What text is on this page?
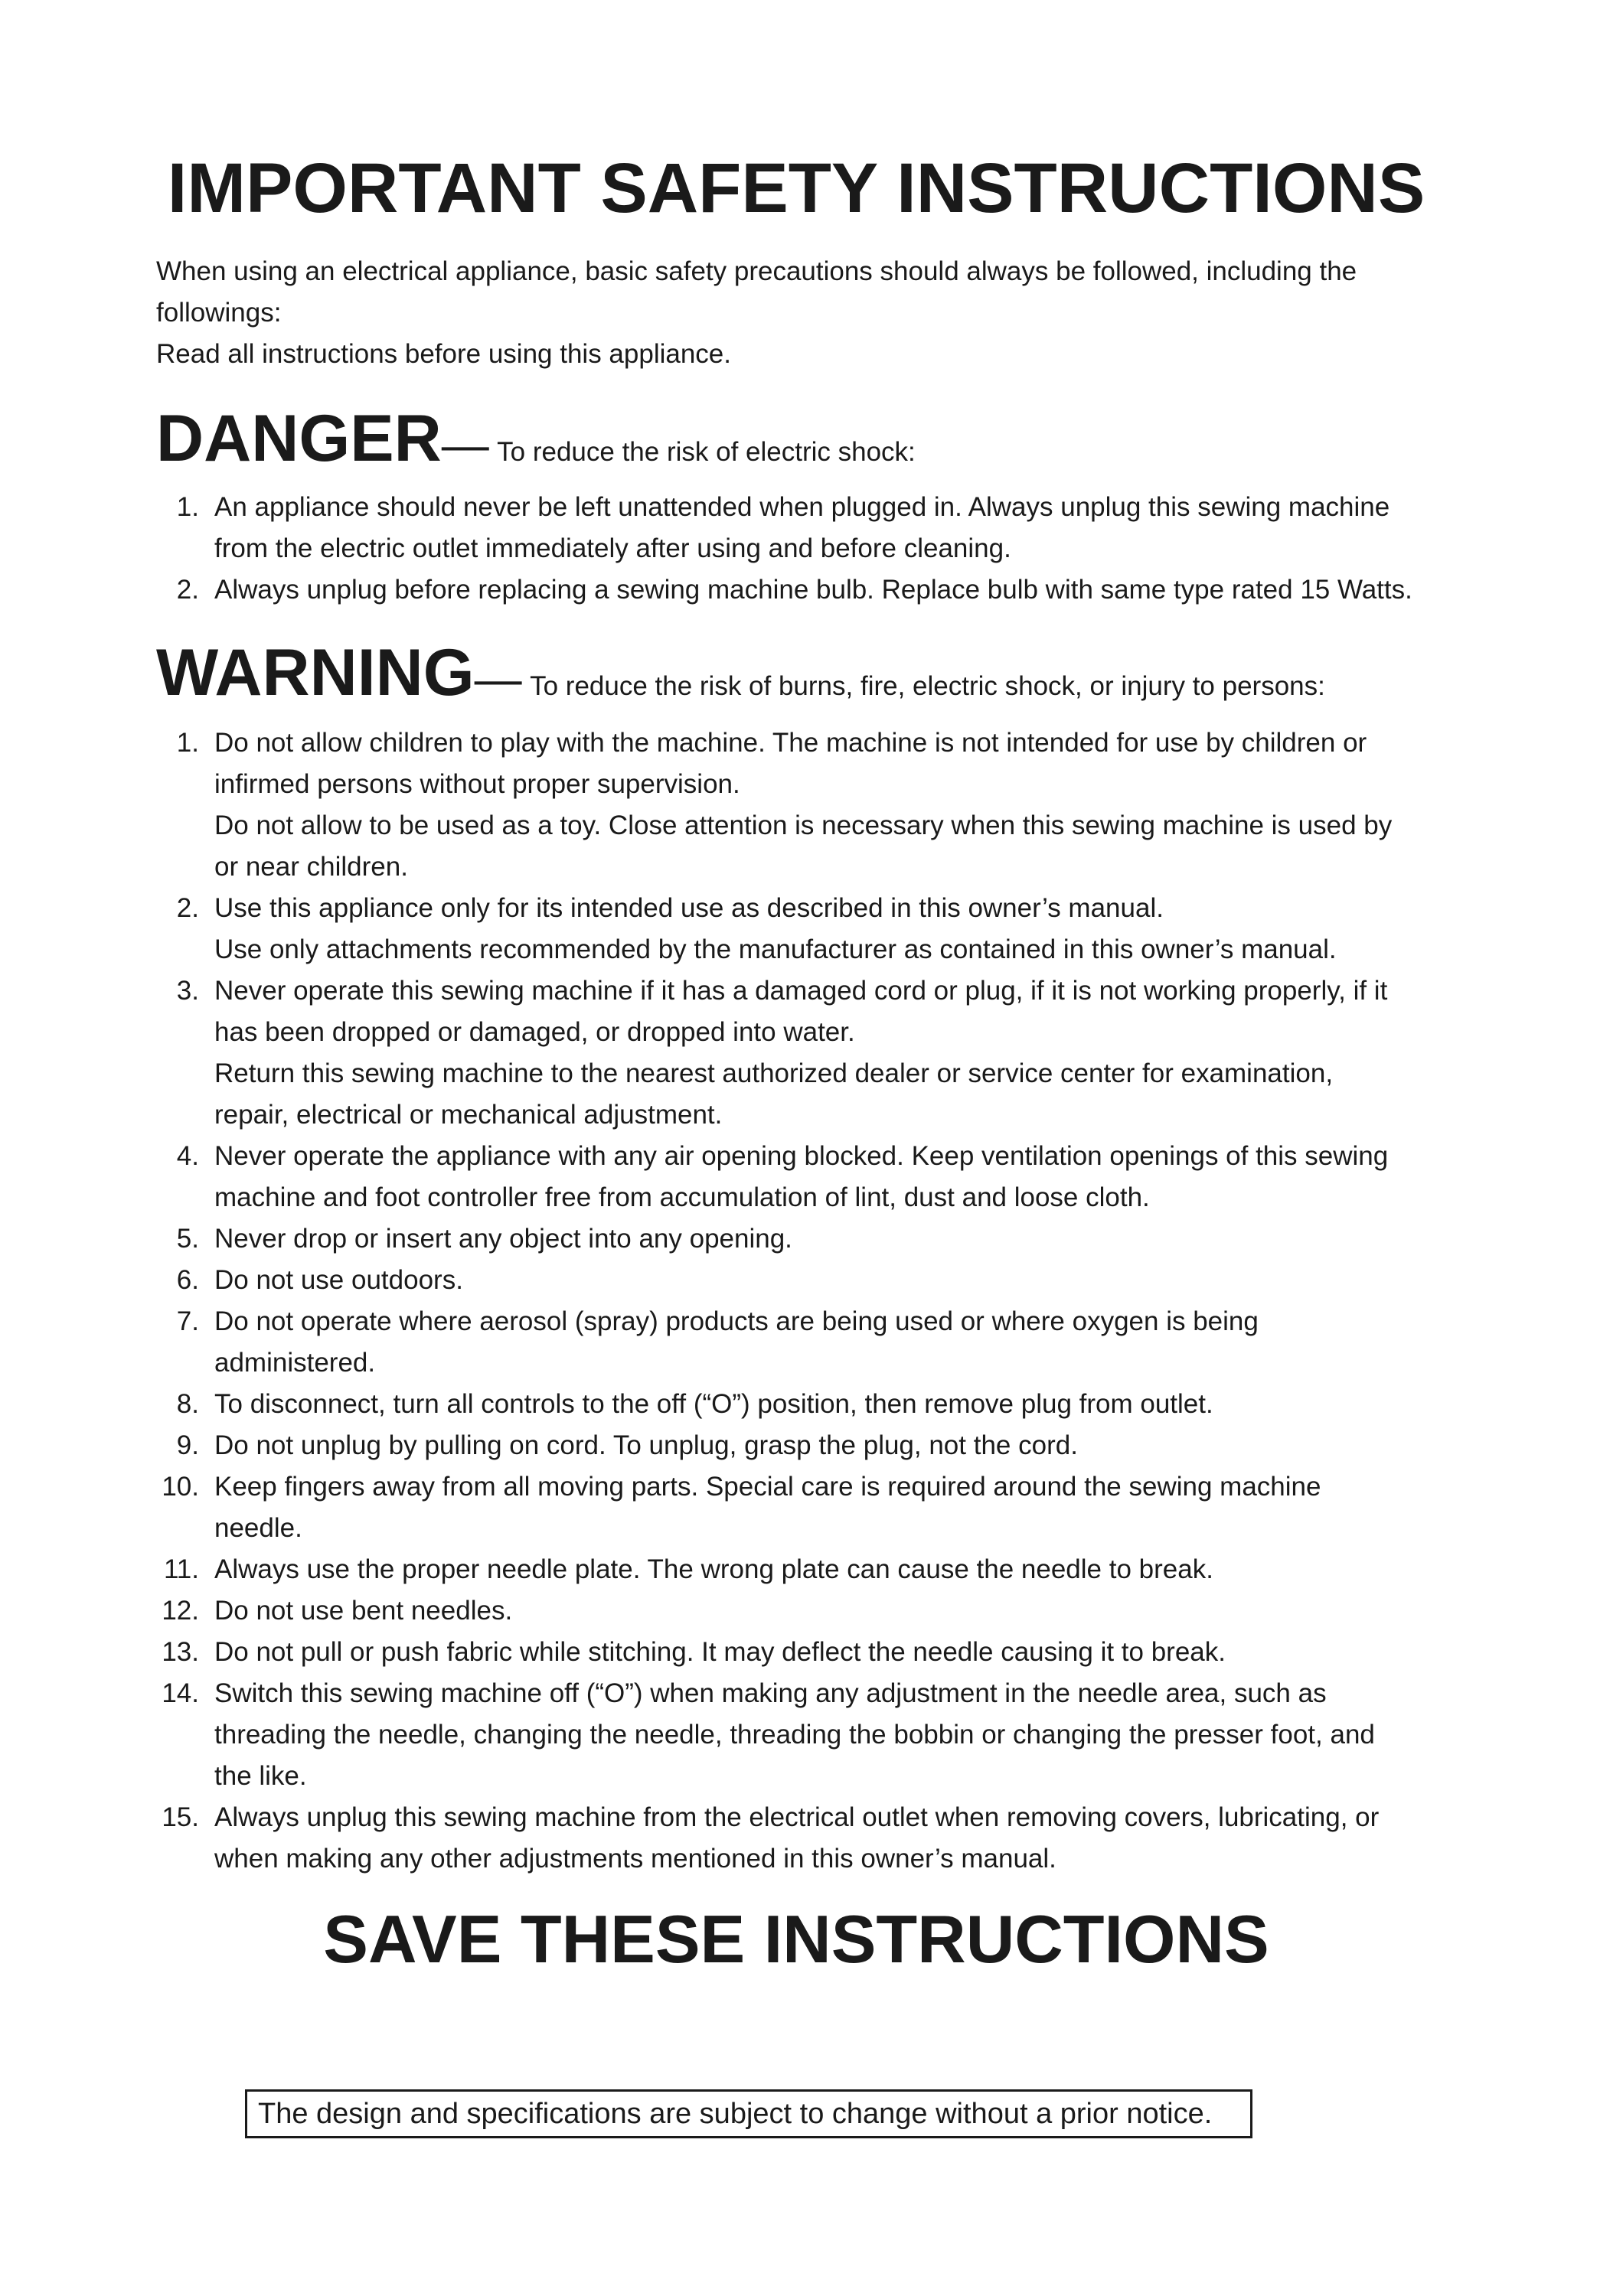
IMPORTANT SAFETY INSTRUCTIONS

When using an electrical appliance, basic safety precautions should always be followed, including the

followings:

Read all instructions before using this appliance.

DANGER— To reduce the risk of electric shock:
1. An appliance should never be left unattended when plugged in. Always unplug this sewing machine
from the electric outlet immediately after using and before cleaning.
2. Always unplug before replacing a sewing machine bulb. Replace bulb with same type rated 15 Watts.
WARNING— To reduce the risk of burns, fire, electric shock, or injury to persons:
1. Do not allow children to play with the machine. The machine is not intended for use by children or
infirmed persons without proper supervision.
Do not allow to be used as a toy. Close attention is necessary when this sewing machine is used by
or near children.
2. Use this appliance only for its intended use as described in this owner’s manual.
Use only attachments recommended by the manufacturer as contained in this owner’s manual.
3. Never operate this sewing machine if it has a damaged cord or plug, if it is not working properly, if it
has been dropped or damaged, or dropped into water.
Return this sewing machine to the nearest authorized dealer or service center for examination,
repair, electrical or mechanical adjustment.
4. Never operate the appliance with any air opening blocked. Keep ventilation openings of this sewing
machine and foot controller free from accumulation of lint, dust and loose cloth.
5. Never drop or insert any object into any opening.
6. Do not use outdoors.
7. Do not operate where aerosol (spray) products are being used or where oxygen is being
administered.
8. To disconnect, turn all controls to the off (“O”) position, then remove plug from outlet.
9. Do not unplug by pulling on cord. To unplug, grasp the plug, not the cord.
10. Keep fingers away from all moving parts. Special care is required around the sewing machine
needle.
11. Always use the proper needle plate. The wrong plate can cause the needle to break.
12. Do not use bent needles.
13. Do not pull or push fabric while stitching. It may deflect the needle causing it to break.
14. Switch this sewing machine off (“O”) when making any adjustment in the needle area, such as
threading the needle, changing the needle, threading the bobbin or changing the presser foot, and
the like.
15. Always unplug this sewing machine from the electrical outlet when removing covers, lubricating, or
when making any other adjustments mentioned in this owner’s manual.
SAVE THESE INSTRUCTIONS
The design and specifications are subject to change without a prior notice.
